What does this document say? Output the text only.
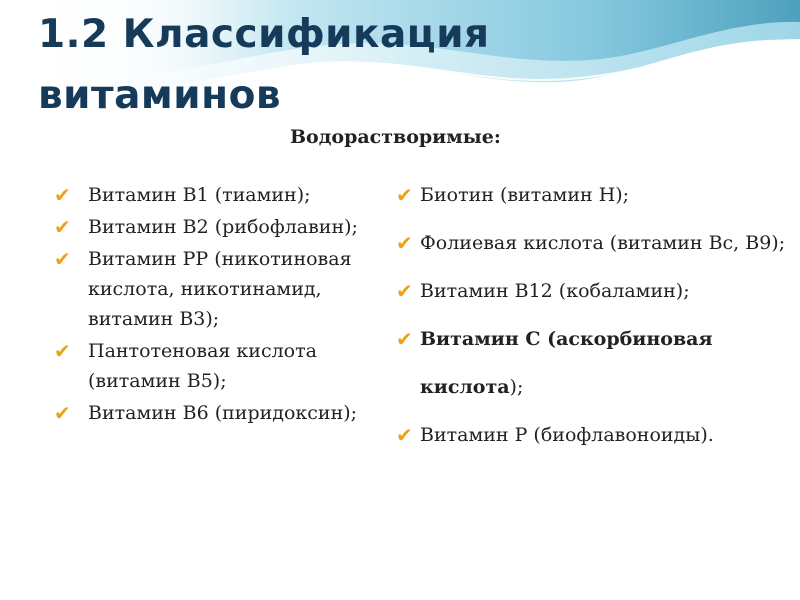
1.2 Классификация
витаминов
Водорастворимые:
✔ Витамин В1 (тиамин);
✔ Витамин В2 (рибофлавин);
✔ Витамин РР (никотиновая кислота, никотинамид, витамин В3);
✔ Пантотеновая кислота (витамин В5);
✔ Витамин В6 (пиридоксин);
✔ Биотин (витамин Н);
✔ Фолиевая кислота (витамин Вс, В9);
✔ Витамин В12 (кобаламин);
✔ Витамин С (аскорбиновая кислота);
✔ Витамин Р (биофлавоноиды).
